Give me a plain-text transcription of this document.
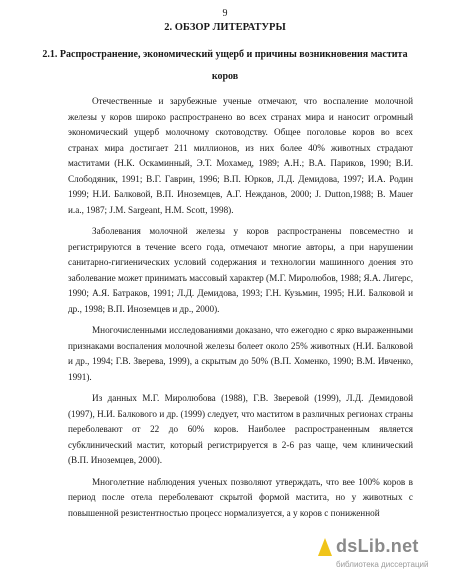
9
2. ОБЗОР ЛИТЕРАТУРЫ
2.1. Распространение, экономический ущерб и причины возникновения мастита коров

Отечественные и зарубежные ученые отмечают, что воспаление молочной железы у коров широко распространено во всех странах мира и наносит огромный экономический ущерб молочному скотоводству. Общее поголовье коров во всех странах мира достигает 211 миллионов, из них более 40% животных страдают маститами (Н.К. Оскаминный, Э.Т. Мохамед, 1989; А.Н.; В.А. Париков, 1990; В.И. Слободяник, 1991; В.Г. Гаврин, 1996; В.П. Юрков, Л.Д. Демидова, 1997; И.А. Родин 1999; Н.И. Балковой, В.П. Иноземцев, А.Г. Нежданов, 2000; J. Dutton,1988; B. Mauer и.а., 1987; J.M. Sargeant, H.M. Scott, 1998).

Заболевания молочной железы у коров распространены повсеместно и регистрируются в течение всего года, отмечают многие авторы, а при нарушении санитарно-гигиенических условий содержания и технологии машинного доения это заболевание может принимать массовый характер (М.Г. Миролюбов, 1988; Я.А. Лигерс, 1990; А.Я. Батраков, 1991; Л.Д. Демидова, 1993; Г.Н. Кузьмин, 1995; Н.И. Балковой и др., 1998; В.П. Иноземцев и др., 2000).

Многочисленными исследованиями доказано, что ежегодно с ярко выраженными признаками воспаления молочной железы болеет около 25% животных (Н.И. Балковой и др., 1994; Г.В. Зверева, 1999), а скрытым до 50% (В.П. Хоменко, 1990; В.М. Ивченко, 1991).

Из данных М.Г. Миролюбова (1988), Г.В. Зверевой (1999), Л.Д. Демидовой (1997), Н.И. Балкового и др. (1999) следует, что маститом в различных регионах страны переболевают от 22 до 60% коров. Наиболее распространенным является субклинический мастит, который регистрируется в 2-6 раз чаще, чем клинический (В.П. Иноземцев, 2000).

Многолетние наблюдения ученых позволяют утверждать, что вее 100% коров в период после отела переболевают скрытой формой мастита, но у животных с повышенной резистентностью процесс нормализуется, а у коров с пониженной

dsLib.net
библиотека диссертаций
